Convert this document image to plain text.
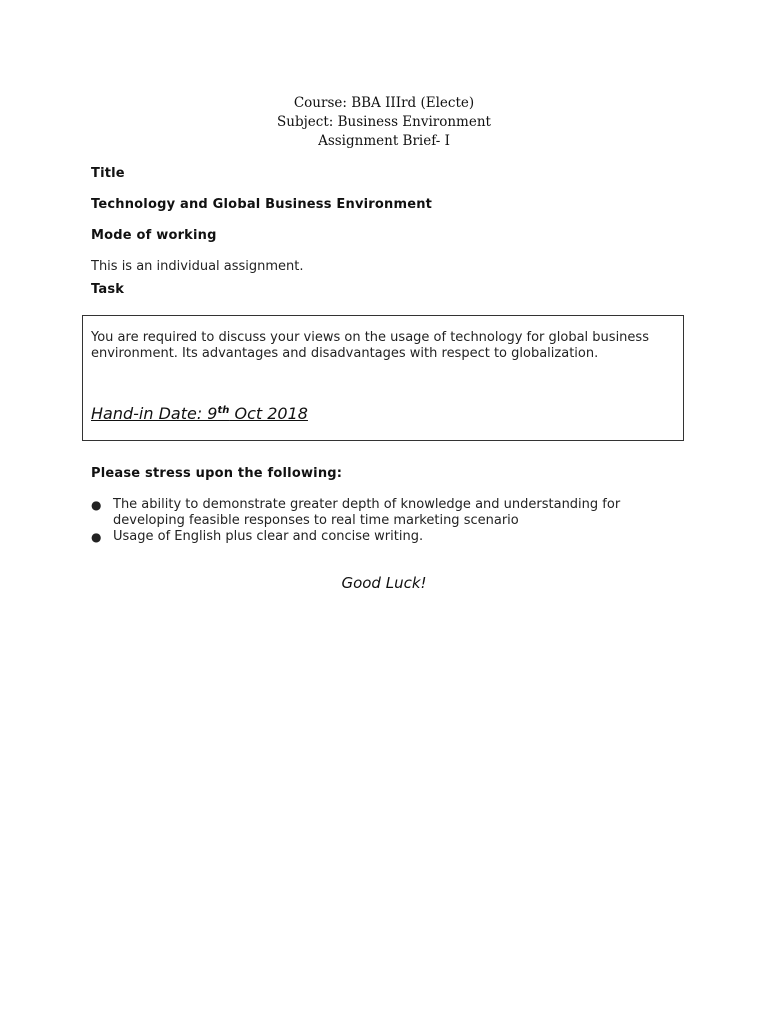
Course: BBA IIIrd (Electe)
Subject: Business Environment
Assignment Brief- I
Title
Technology and Global Business Environment
Mode of working
This is an individual assignment.
Task
You are required to discuss your views on the usage of technology for global business environment. Its advantages and disadvantages with respect to globalization.
Hand-in Date: 9th Oct 2018
Please stress upon the following:
● The ability to demonstrate greater depth of knowledge and understanding for developing feasible responses to real time marketing scenario
● Usage of English plus clear and concise writing.
Good Luck!
